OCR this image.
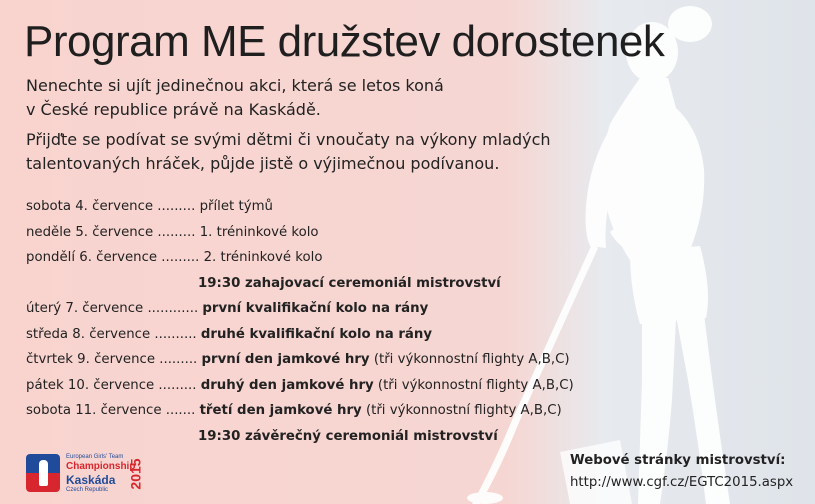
Program ME družstev dorostenek

Nenechte si ujít jedinečnou akci, která se letos koná
v České republice právě na Kaskádě.

Přijďte se podívat se svými dětmi či vnoučaty na výkony mladých
talentovaných hráček, půjde jistě o výjimečnou podívanou.

sobota 4. července ......... přílet týmů
neděle 5. července ......... 1. tréninkové kolo
pondělí 6. července ......... 2. tréninkové kolo
19:30 zahajovací ceremoniál mistrovství
úterý 7. července ............ první kvalifikační kolo na rány
středa 8. července .......... druhé kvalifikační kolo na rány
čtvrtek 9. července ......... první den jamkové hry (tři výkonnostní flighty A,B,C)
pátek 10. července ......... druhý den jamkové hry (tři výkonnostní flighty A,B,C)
sobota 11. července ....... třetí den jamkové hry (tři výkonnostní flighty A,B,C)
19:30 závěrečný ceremoniál mistrovství
European Girls' Team
Championship
Kaskáda
Czech Republic
2015	Webové stránky mistrovství:
http://www.cgf.cz/EGTC2015.aspx
